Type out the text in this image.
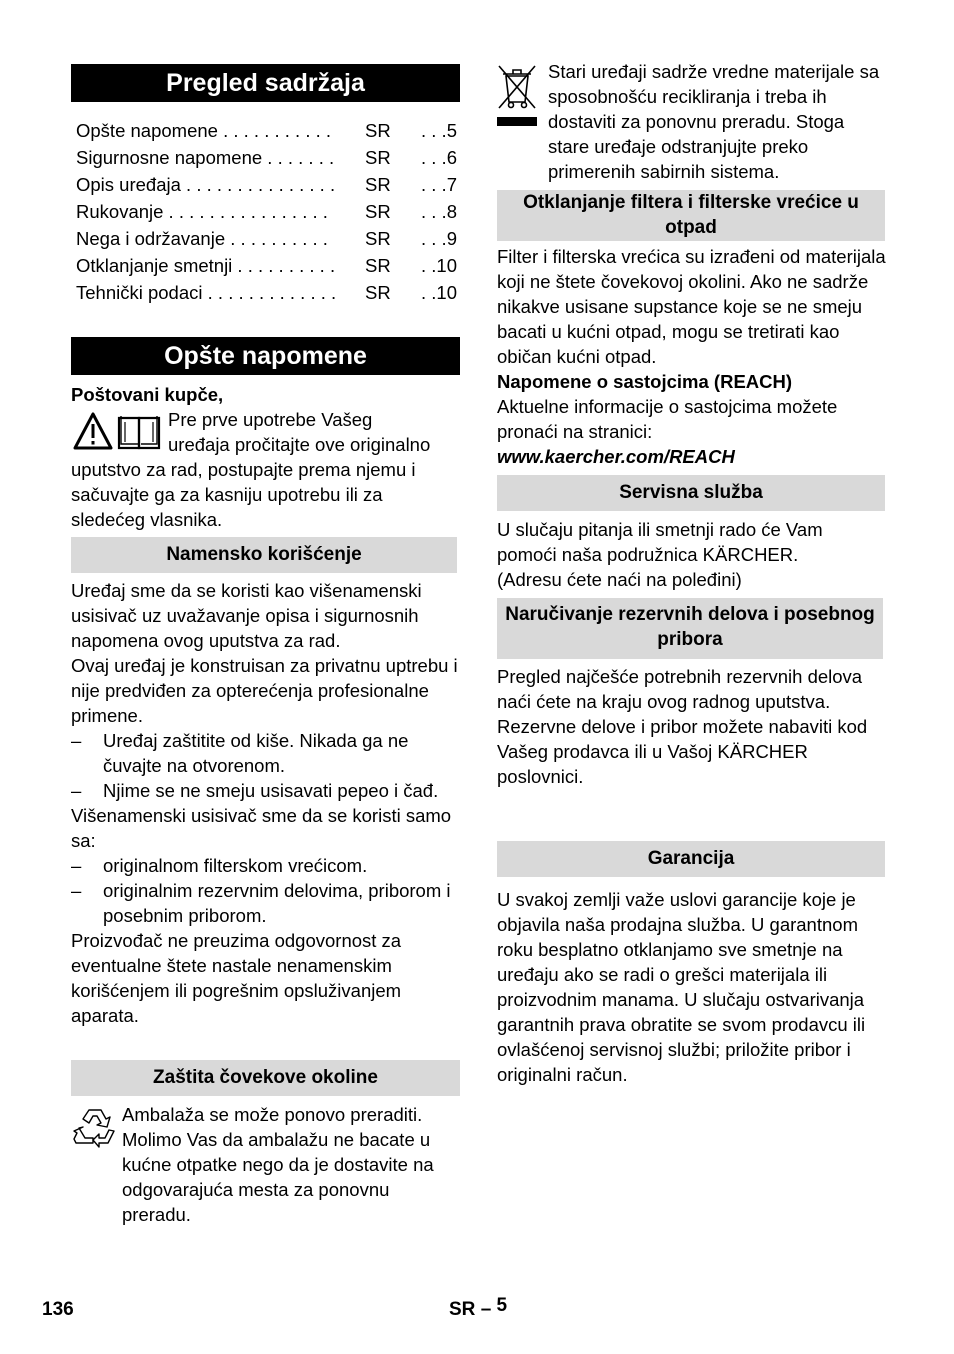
Pregled sadržaja
Opšte napomene . . . . . . . . . . . SR	. . .5
Sigurnosne napomene . . . . . . . SR	. . .6
Opis uređaja . . . . . . . . . . . . . . . SR	. . .7
Rukovanje . . . . . . . . . . . . . . . . SR	. . .8
Nega i održavanje . . . . . . . . . . SR	. . .9
Otklanjanje smetnji . . . . . . . . . . SR	. .10
Tehnički podaci . . . . . . . . . . . . . SR	. .10
Opšte napomene
Poštovani kupče,
Pre prve upotrebe Vašeg
uređaja pročitajte ove originalno
uputstvo za rad, postupajte prema njemu i sačuvajte ga za kasniju upotrebu ili za sledećeg vlasnika.
Namensko korišćenje

Uređaj sme da se koristi kao višenamenski usisivač uz uvažavanje opisa i sigurnosnih napomena ovog uputstva za rad.

Ovaj uređaj je konstruisan za privatnu uptrebu i nije predviđen za opterećenja profesionalne primene.

– Uređaj zaštitite od kiše. Nikada ga ne čuvajte na otvorenom.
– Njime se ne smeju usisavati pepeo i čađ.

Višenamenski usisivač sme da se koristi samo sa:

– originalnom filterskom vrećicom.
– originalnim rezervnim delovima, priborom i posebnim priborom.

Proizvođač ne preuzima odgovornost za eventualne štete nastale nenamenskim korišćenjem ili pogrešnim opsluživanjem aparata.

Zaštita čovekove okoline
Ambalaža se može ponovo preraditi. Molimo Vas da ambalažu ne bacate u kućne otpatke nego da je dostavite na odgovarajuća mesta za ponovnu preradu.
Stari uređaji sadrže vredne materijale sa sposobnošću recikliranja i treba ih dostaviti za ponovnu preradu. Stoga stare uređaje odstranjujte preko primerenih sabirnih sistema.
Otklanjanje filtera i filterske vrećice u otpad

Filter i filterska vrećica su izrađeni od materijala koji ne štete čovekovoj okolini. Ako ne sadrže nikakve usisane supstance koje se ne smeju bacati u kućni otpad, mogu se tretirati kao običan kućni otpad.

Napomene o sastojcima (REACH)

Aktuelne informacije o sastojcima možete pronaći na stranici:

www.kaercher.com/REACH

Servisna služba

U slučaju pitanja ili smetnji rado će Vam pomoći naša podružnica KÄRCHER.

(Adresu ćete naći na poleđini)

Naručivanje rezervnih delova i posebnog pribora

Pregled najčešće potrebnih rezervnih delova naći ćete na kraju ovog radnog uputstva.

Rezervne delove i pribor možete nabaviti kod Vašeg prodavca ili u Vašoj KÄRCHER poslovnici.

Garancija
U svakoj zemlji važe uslovi garancije koje je objavila naša prodajna služba. U garantnom roku besplatno otklanjamo sve smetnje na uređaju ako se radi o grešci materijala ili proizvodnim manama. U slučaju ostvarivanja garantnih prava obratite se svom prodavcu ili ovlašćenoj servisnoj službi; priložite pribor i originalni račun.
136	SR – 5
